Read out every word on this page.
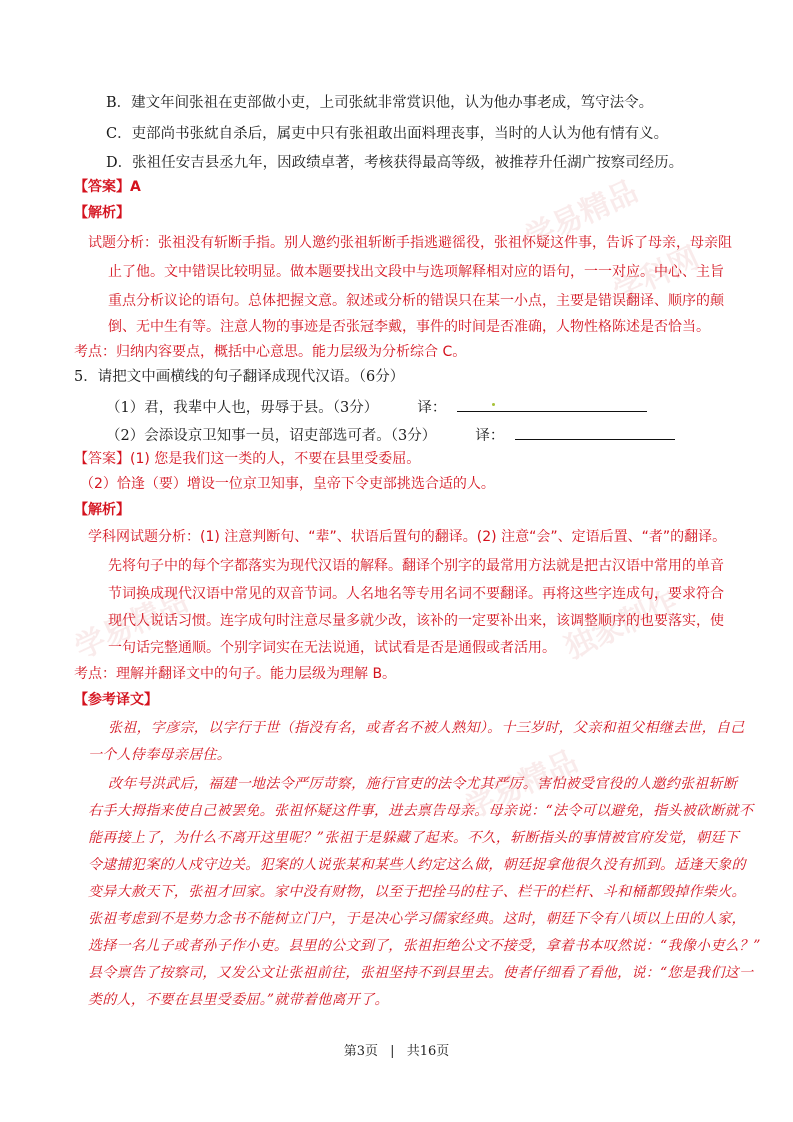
学易精品
学科网
学易精品	独家制作
学易精品
B．建文年间张祖在吏部做小吏，上司张紞非常赏识他，认为他办事老成，笃守法令。
C．吏部尚书张紞自杀后，属吏中只有张祖敢出面料理丧事，当时的人认为他有情有义。
D．张祖任安吉县丞九年，因政绩卓著，考核获得最高等级，被推荐升任湖广按察司经历。
【答案】A
【解析】
试题分析：张祖没有斩断手指。别人邀约张祖斩断手指逃避徭役，张祖怀疑这件事，告诉了母亲，母亲阻
止了他。文中错误比较明显。做本题要找出文段中与选项解释相对应的语句，一一对应。中心、主旨
重点分析议论的语句。总体把握文意。叙述或分析的错误只在某一小点，主要是错误翻译、顺序的颠
倒、无中生有等。注意人物的事迹是否张冠李戴，事件的时间是否准确，人物性格陈述是否恰当。
考点：归纳内容要点，概括中心意思。能力层级为分析综合 C。
5．请把文中画横线的句子翻译成现代汉语。（6分）
（1）君，我辈中人也，毋辱于县。（3分）	译：
（2）会添设京卫知事一员，诏吏部选可者。（3分）	译：
【答案】(1) 您是我们这一类的人，不要在县里受委屈。
（2）恰逢（要）增设一位京卫知事，皇帝下令吏部挑选合适的人。
【解析】
学科网试题分析：(1) 注意判断句、“辈”、状语后置句的翻译。(2) 注意“会”、定语后置、“者”的翻译。
先将句子中的每个字都落实为现代汉语的解释。翻译个别字的最常用方法就是把古汉语中常用的单音
节词换成现代汉语中常见的双音节词。人名地名等专用名词不要翻译。再将这些字连成句，要求符合
现代人说话习惯。连字成句时注意尽量多就少改，该补的一定要补出来，该调整顺序的也要落实，使
一句话完整通顺。个别字词实在无法说通，试试看是否是通假或者活用。
考点：理解并翻译文中的句子。能力层级为理解 B。
【参考译文】
张祖，字彦宗，以字行于世（指没有名，或者名不被人熟知）。十三岁时，父亲和祖父相继去世，自己
一个人侍奉母亲居住。
改年号洪武后，福建一地法令严厉苛察，施行官吏的法令尤其严厉。害怕被受官役的人邀约张祖斩断
右手大拇指来使自己被罢免。张祖怀疑这件事，进去禀告母亲。母亲说：“法令可以避免，指头被砍断就不
能再接上了，为什么不离开这里呢？”张祖于是躲藏了起来。不久，斩断指头的事情被官府发觉，朝廷下
令逮捕犯案的人戍守边关。犯案的人说张某和某些人约定这么做，朝廷捉拿他很久没有抓到。适逢天象的
变异大赦天下，张祖才回家。家中没有财物，以至于把拴马的柱子、栏干的栏杆、斗和桶都毁掉作柴火。
张祖考虑到不是势力念书不能树立门户，于是决心学习儒家经典。这时，朝廷下令有八顷以上田的人家，
选择一名儿子或者孙子作小吏。县里的公文到了，张祖拒绝公文不接受，拿着书本叹然说：“我像小吏么？”
县令禀告了按察司，又发公文让张祖前往，张祖坚持不到县里去。使者仔细看了看他，说：“您是我们这一
类的人，不要在县里受委屈。”就带着他离开了。
第3页 | 共16页
